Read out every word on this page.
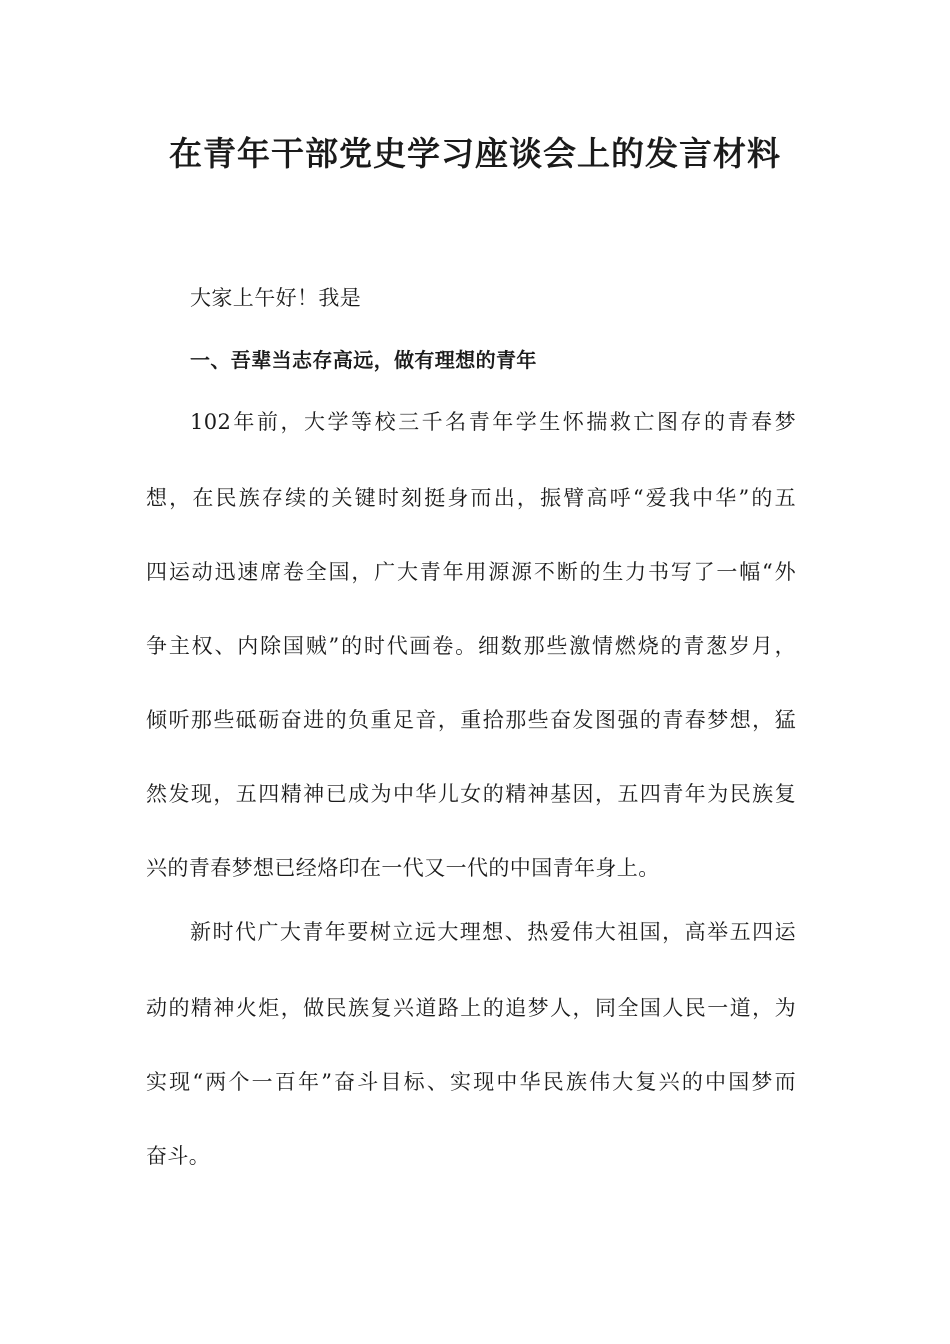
在青年干部党史学习座谈会上的发言材料
大家上午好！我是
一、吾辈当志存高远，做有理想的青年
102年前，大学等校三千名青年学生怀揣救亡图存的青春梦
想，在民族存续的关键时刻挺身而出，振臂高呼“爱我中华”的五
四运动迅速席卷全国，广大青年用源源不断的生力书写了一幅“外
争主权、内除国贼”的时代画卷。细数那些激情燃烧的青葱岁月，
倾听那些砥砺奋进的负重足音，重拾那些奋发图强的青春梦想，猛
然发现，五四精神已成为中华儿女的精神基因，五四青年为民族复
兴的青春梦想已经烙印在一代又一代的中国青年身上。
新时代广大青年要树立远大理想、热爱伟大祖国，高举五四运
动的精神火炬，做民族复兴道路上的追梦人，同全国人民一道，为
实现“两个一百年”奋斗目标、实现中华民族伟大复兴的中国梦而
奋斗。
